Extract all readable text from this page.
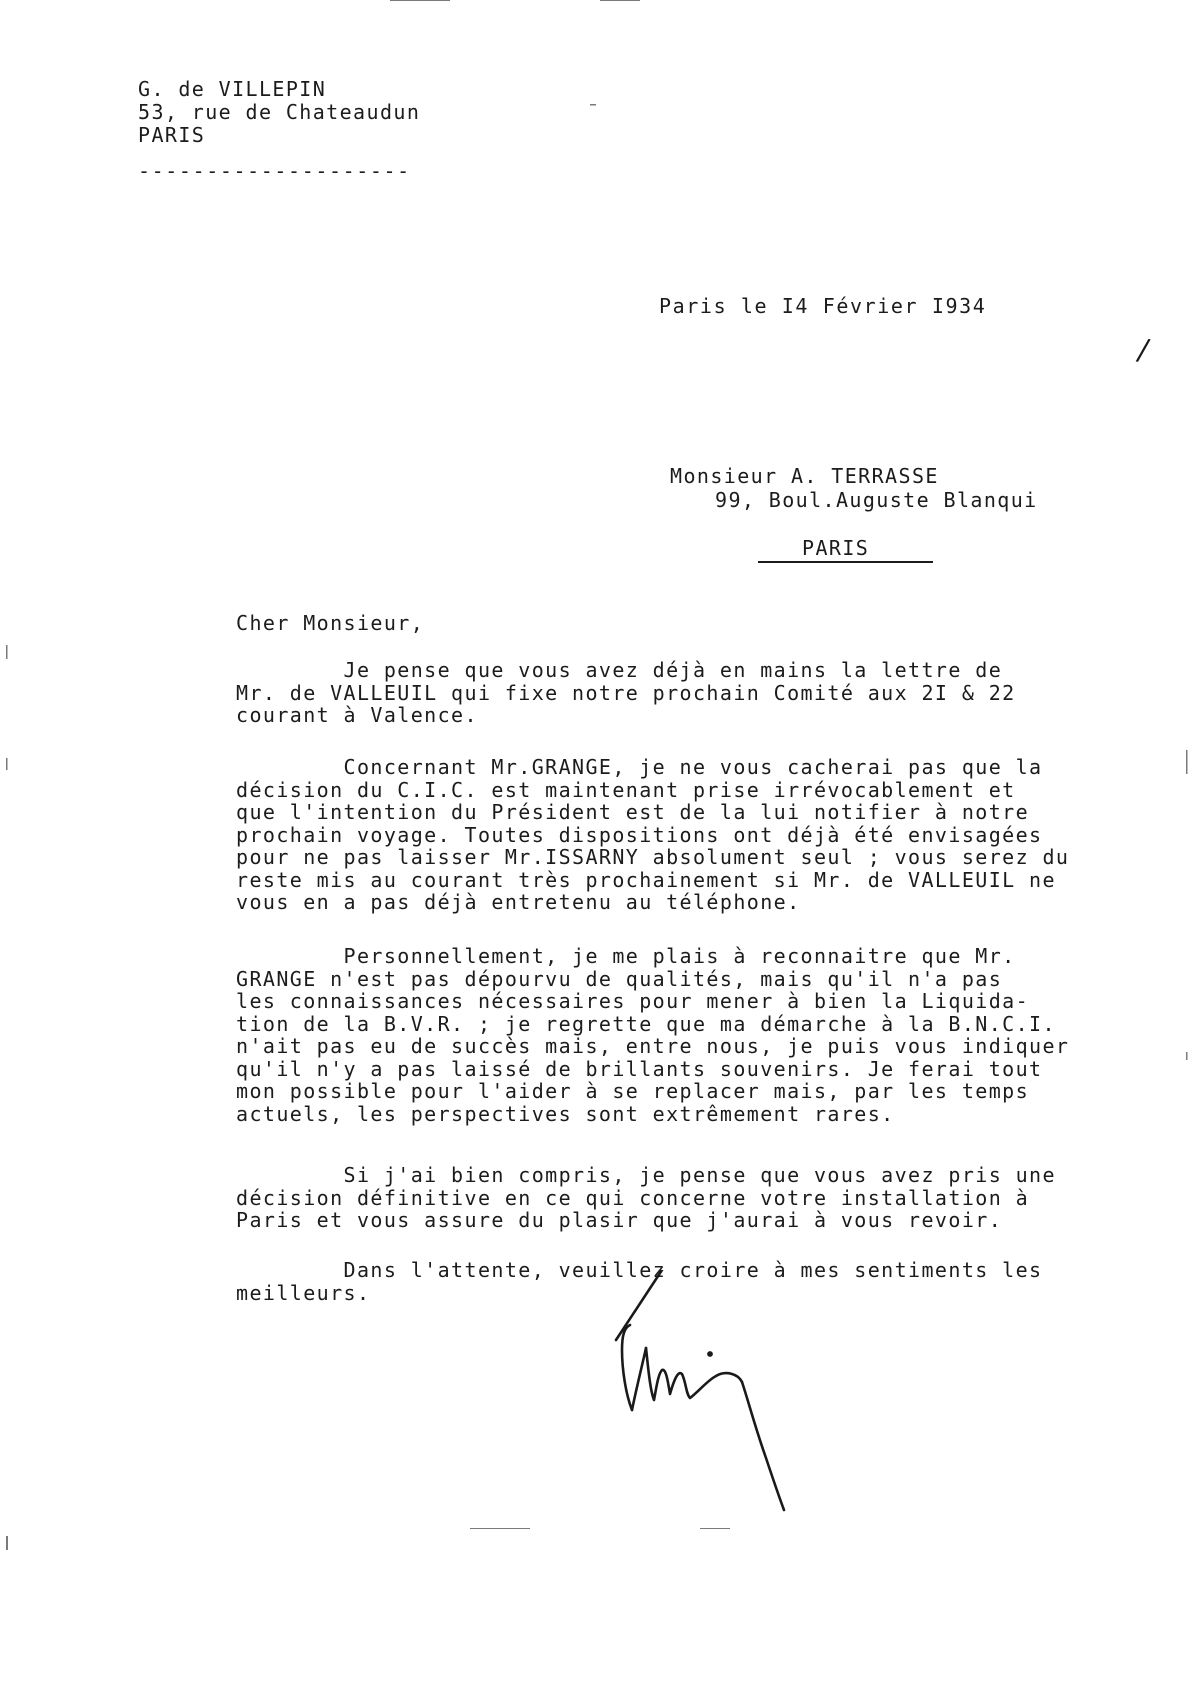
G. de VILLEPIN
53, rue de Chateaudun
PARIS
--------------------
Paris le I4 Février I934
/
Monsieur A. TERRASSE
99, Boul.Auguste Blanqui
PARIS
Cher Monsieur,
Je pense que vous avez déjà en mains la lettre de
Mr. de VALLEUIL qui fixe notre prochain Comité aux 2I & 22
courant à Valence.
Concernant Mr.GRANGE, je ne vous cacherai pas que la
décision du C.I.C. est maintenant prise irrévocablement et
que l'intention du Président est de la lui notifier à notre
prochain voyage. Toutes dispositions ont déjà été envisagées
pour ne pas laisser Mr.ISSARNY absolument seul ; vous serez du
reste mis au courant très prochainement si Mr. de VALLEUIL ne
vous en a pas déjà entretenu au téléphone.
Personnellement, je me plais à reconnaitre que Mr.
GRANGE n'est pas dépourvu de qualités, mais qu'il n'a pas
les connaissances nécessaires pour mener à bien la Liquida-
tion de la B.V.R. ; je regrette que ma démarche à la B.N.C.I.
n'ait pas eu de succès mais, entre nous, je puis vous indiquer
qu'il n'y a pas laissé de brillants souvenirs. Je ferai tout
mon possible pour l'aider à se replacer mais, par les temps
actuels, les perspectives sont extrêmement rares.
Si j'ai bien compris, je pense que vous avez pris une
décision définitive en ce qui concerne votre installation à
Paris et vous assure du plasir que j'aurai à vous revoir.
Dans l'attente, veuillez croire à mes sentiments les
meilleurs.
